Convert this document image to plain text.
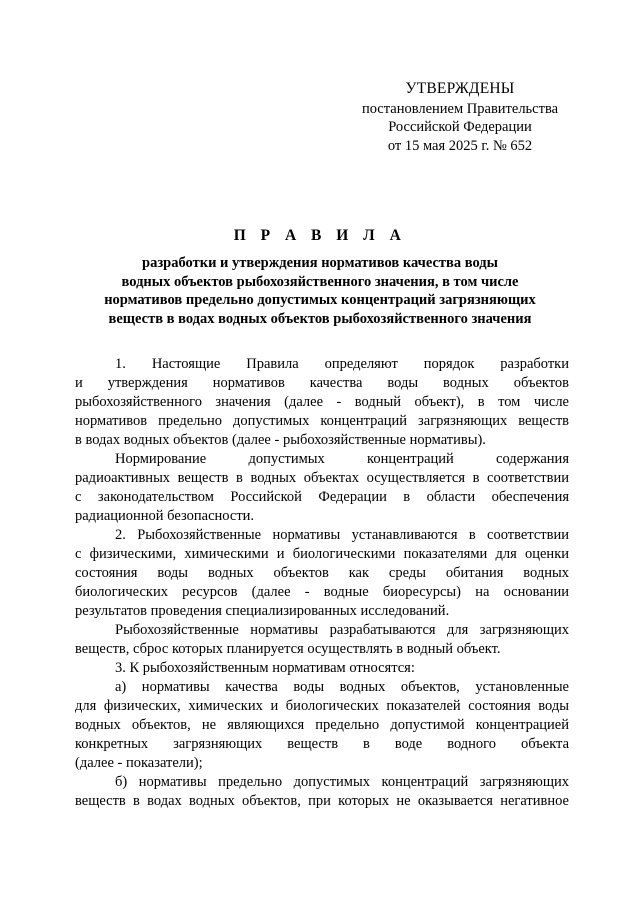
УТВЕРЖДЕНЫ
постановлением Правительства
Российской Федерации
от 15 мая 2025 г. № 652
П Р А В И Л А
разработки и утверждения нормативов качества воды
водных объектов рыбохозяйственного значения, в том числе
нормативов предельно допустимых концентраций загрязняющих
веществ в водах водных объектов рыбохозяйственного значения
1. Настоящие Правила определяют порядок разработки
и утверждения нормативов качества воды водных объектов
рыбохозяйственного значения (далее - водный объект), в том числе
нормативов предельно допустимых концентраций загрязняющих веществ
в водах водных объектов (далее - рыбохозяйственные нормативы).
Нормирование допустимых концентраций содержания
радиоактивных веществ в водных объектах осуществляется в соответствии
с законодательством Российской Федерации в области обеспечения
радиационной безопасности.
2. Рыбохозяйственные нормативы устанавливаются в соответствии
с физическими, химическими и биологическими показателями для оценки
состояния воды водных объектов как среды обитания водных
биологических ресурсов (далее - водные биоресурсы) на основании
результатов проведения специализированных исследований.
Рыбохозяйственные нормативы разрабатываются для загрязняющих
веществ, сброс которых планируется осуществлять в водный объект.
3. К рыбохозяйственным нормативам относятся:
а) нормативы качества воды водных объектов, установленные
для физических, химических и биологических показателей состояния воды
водных объектов, не являющихся предельно допустимой концентрацией
конкретных загрязняющих веществ в воде водного объекта
(далее - показатели);
б) нормативы предельно допустимых концентраций загрязняющих
веществ в водах водных объектов, при которых не оказывается негативное
